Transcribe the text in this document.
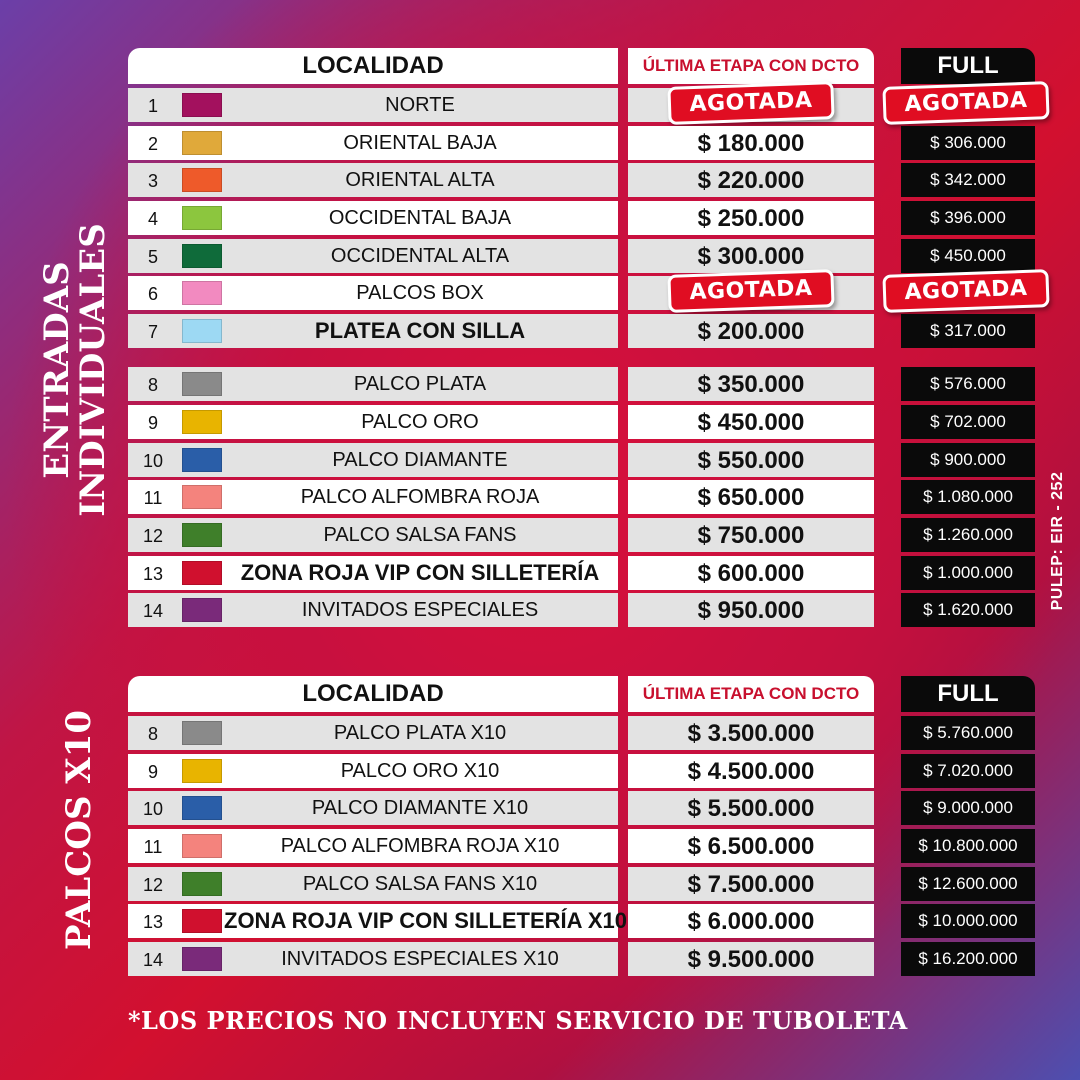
ENTRADAS
INDIVIDUALES
PALCOS X10
PULEP: EIR - 252
LOCALIDAD	ÚLTIMA ETAPA CON DCTO	FULL
1	NORTE	AGOTADA	AGOTADA
2	ORIENTAL BAJA	$ 180.000	$ 306.000
3	ORIENTAL ALTA	$ 220.000	$ 342.000
4	OCCIDENTAL BAJA	$ 250.000	$ 396.000
5	OCCIDENTAL ALTA	$ 300.000	$ 450.000
6	PALCOS BOX	AGOTADA	AGOTADA
7	PLATEA CON SILLA	$ 200.000	$ 317.000
8	PALCO PLATA	$ 350.000	$ 576.000
9	PALCO ORO	$ 450.000	$ 702.000
10	PALCO DIAMANTE	$ 550.000	$ 900.000
11	PALCO ALFOMBRA ROJA	$ 650.000	$ 1.080.000
12	PALCO SALSA FANS	$ 750.000	$ 1.260.000
13	ZONA ROJA VIP CON SILLETERÍA	$ 600.000	$ 1.000.000
14	INVITADOS ESPECIALES	$ 950.000	$ 1.620.000
LOCALIDAD	ÚLTIMA ETAPA CON DCTO	FULL
8	PALCO PLATA X10	$ 3.500.000	$ 5.760.000
9	PALCO ORO X10	$ 4.500.000	$ 7.020.000
10	PALCO DIAMANTE X10	$ 5.500.000	$ 9.000.000
11	PALCO ALFOMBRA ROJA X10	$ 6.500.000	$ 10.800.000
12	PALCO SALSA FANS X10	$ 7.500.000	$ 12.600.000
13	ZONA ROJA VIP CON SILLETERÍA X10	$ 6.000.000	$ 10.000.000
14	INVITADOS ESPECIALES X10	$ 9.500.000	$ 16.200.000
*LOS PRECIOS NO INCLUYEN SERVICIO DE TUBOLETA
